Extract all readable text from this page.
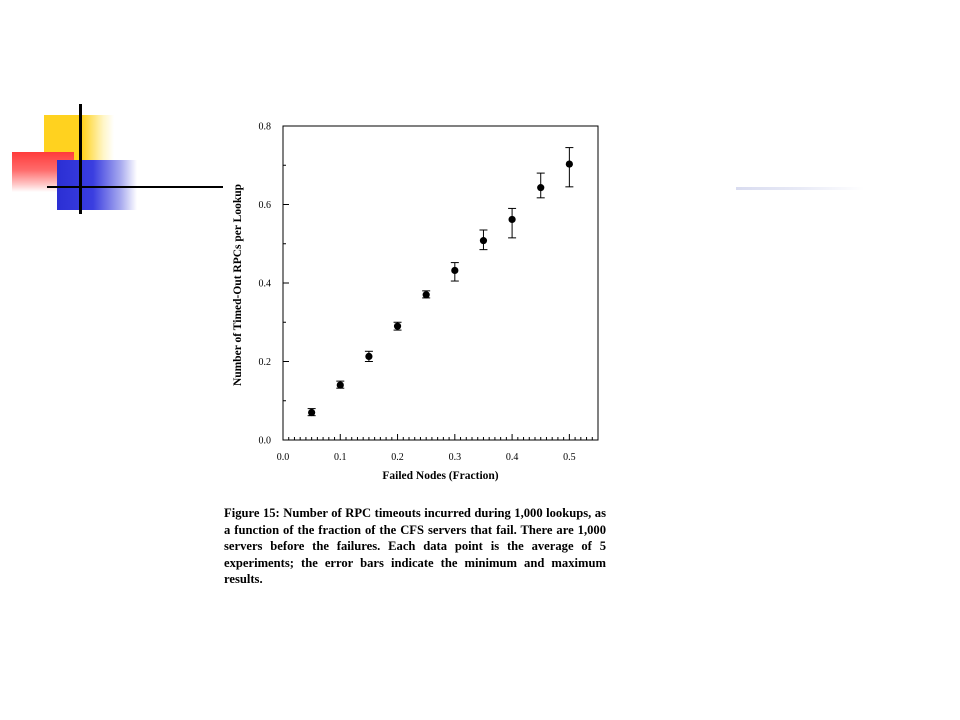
0.0	0.1	0.2	0.3	0.4	0.5
0.0
0.2
0.4
0.6
0.8
Failed Nodes (Fraction)
Number of Timed-Out RPCs per Lookup

Figure 15: Number of RPC timeouts incurred during 1,000 lookups, as a function of the fraction of the CFS servers that fail. There are 1,000 servers before the failures. Each data point is the average of 5 experiments; the error bars indicate the minimum and maximum results.
